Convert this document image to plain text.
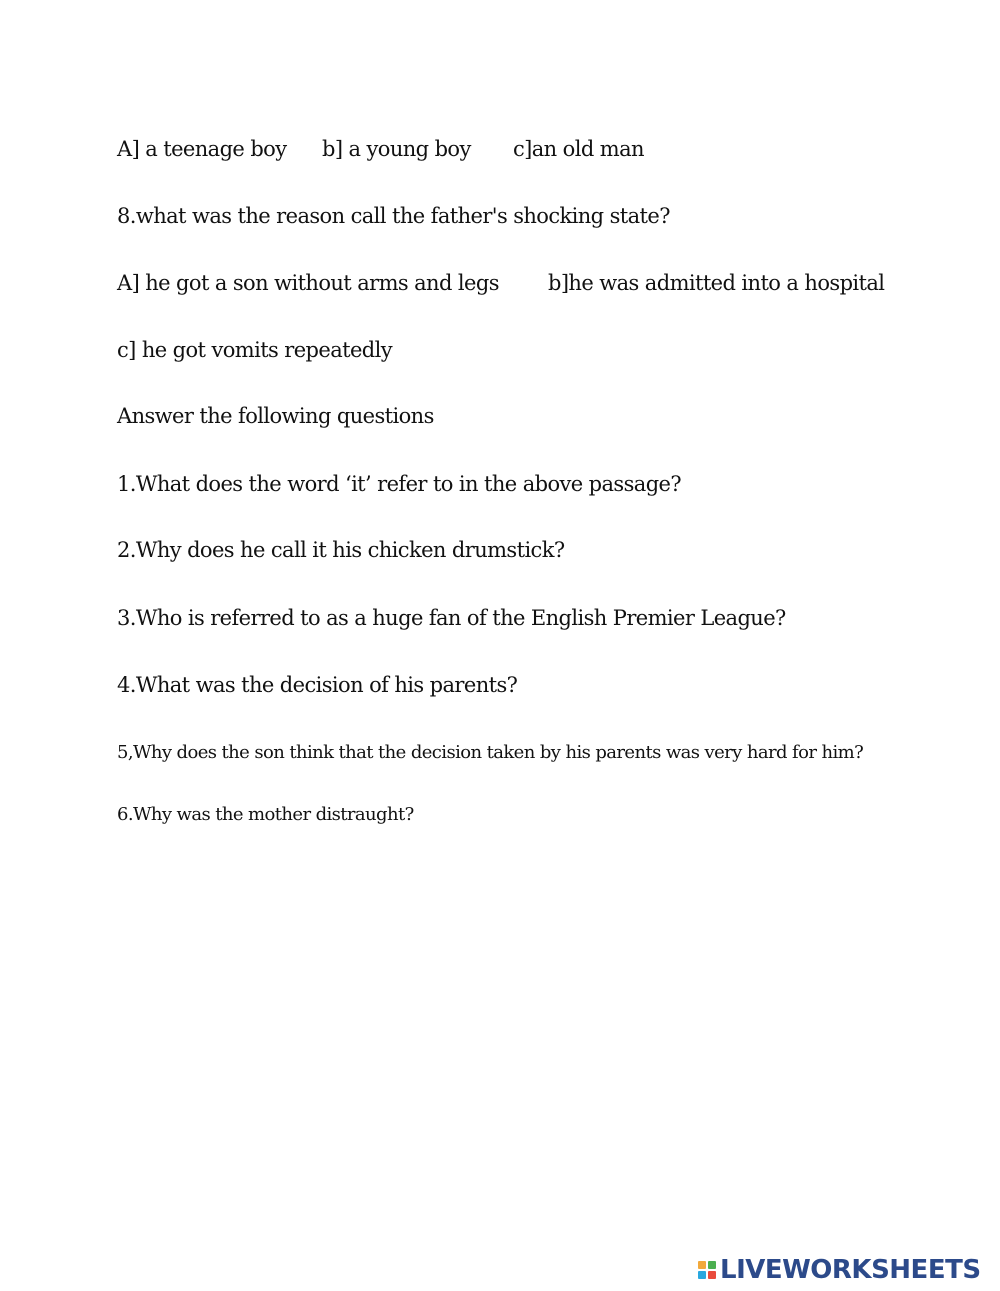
A] a teenage boy b] a young boy c]an old man
8.what was the reason call the father's shocking state?
A] he got a son without arms and legs b]he was admitted into a hospital
c] he got vomits repeatedly
Answer the following questions
1.What does the word ‘it’ refer to in the above passage?
2.Why does he call it his chicken drumstick?
3.Who is referred to as a huge fan of the English Premier League?
4.What was the decision of his parents?
5,Why does the son think that the decision taken by his parents was very hard for him?
6.Why was the mother distraught?
LIVEWORKSHEETS
